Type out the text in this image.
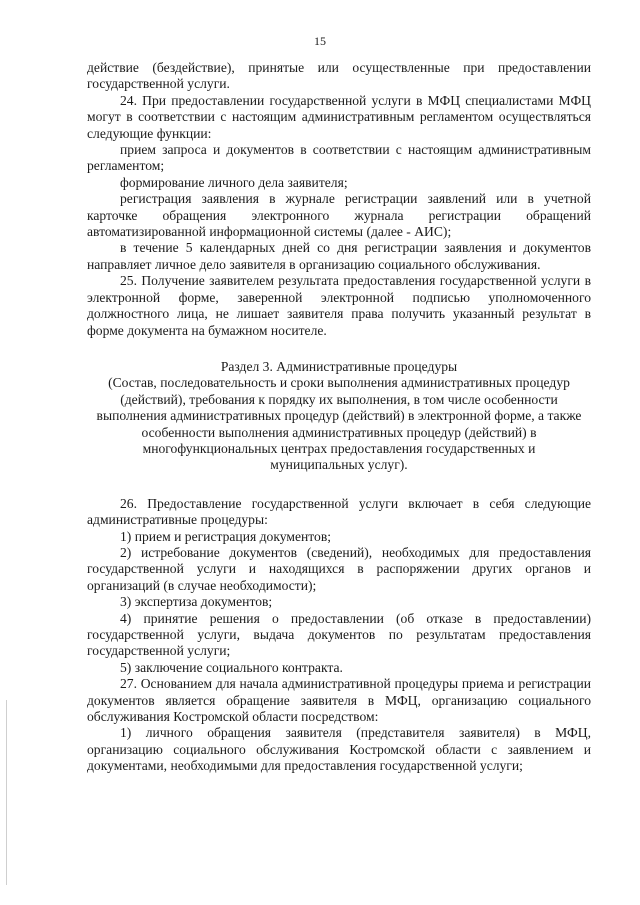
15

действие (бездействие), принятые или осуществленные при предоставлении государственной услуги.

24. При предоставлении государственной услуги в МФЦ специалистами МФЦ могут в соответствии с настоящим административным регламентом осуществляться следующие функции:

прием запроса и документов в соответствии с настоящим административным регламентом;

формирование личного дела заявителя;

регистрация заявления в журнале регистрации заявлений или в учетной карточке обращения электронного журнала регистрации обращений автоматизированной информационной системы (далее - АИС);

в течение 5 календарных дней со дня регистрации заявления и документов направляет личное дело заявителя в организацию социального обслуживания.

25. Получение заявителем результата предоставления государственной услуги в электронной форме, заверенной электронной подписью уполномоченного должностного лица, не лишает заявителя права получить указанный результат в форме документа на бумажном носителе.

Раздел 3. Административные процедуры

(Состав, последовательность и сроки выполнения административных процедур (действий), требования к порядку их выполнения, в том числе особенности выполнения административных процедур (действий) в электронной форме, а также особенности выполнения административных процедур (действий) в многофункциональных центрах предоставления государственных и муниципальных услуг).

26. Предоставление государственной услуги включает в себя следующие административные процедуры:

1) прием и регистрация документов;

2) истребование документов (сведений), необходимых для предоставления государственной услуги и находящихся в распоряжении других органов и организаций (в случае необходимости);

3) экспертиза документов;

4) принятие решения о предоставлении (об отказе в предоставлении) государственной услуги, выдача документов по результатам предоставления государственной услуги;

5) заключение социального контракта.

27. Основанием для начала административной процедуры приема и регистрации документов является обращение заявителя в МФЦ, организацию социального обслуживания Костромской области посредством:

1) личного обращения заявителя (представителя заявителя) в МФЦ, организацию социального обслуживания Костромской области с заявлением и документами, необходимыми для предоставления государственной услуги;
